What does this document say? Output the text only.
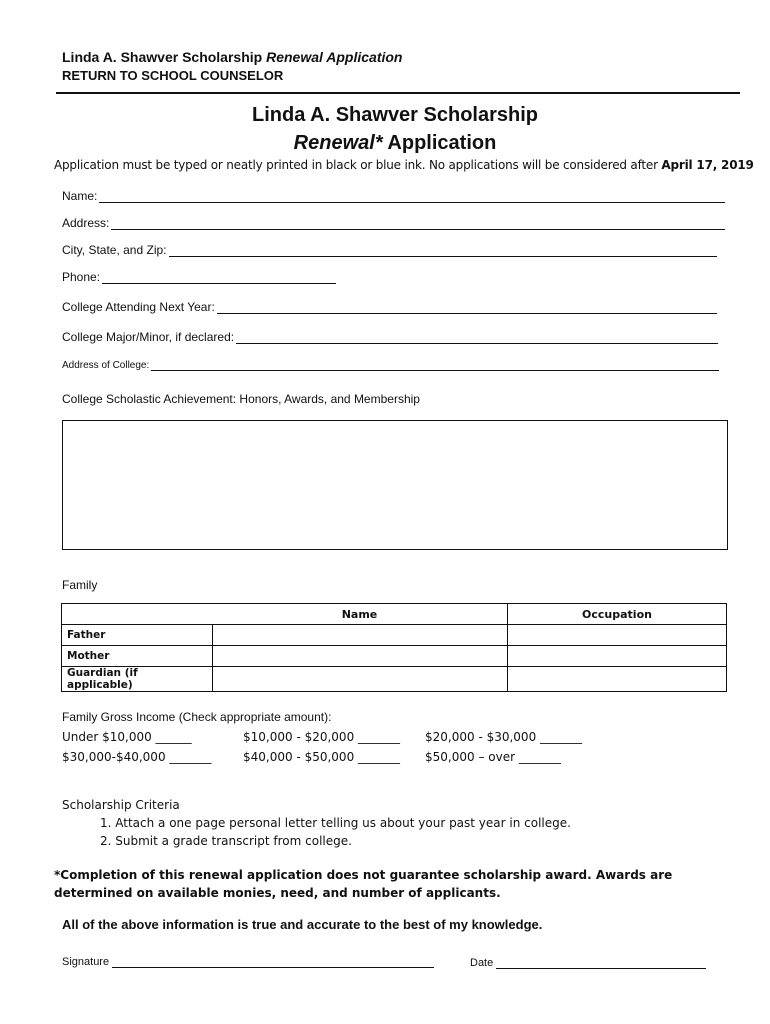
Linda A. Shawver Scholarship Renewal Application
RETURN TO SCHOOL COUNSELOR
Linda A. Shawver Scholarship
Renewal* Application
Application must be typed or neatly printed in black or blue ink. No applications will be considered after April 17, 2019
Name:
Address:
City, State, and Zip:
Phone:
College Attending Next Year:
College Major/Minor, if declared:
Address of College:
College Scholastic Achievement: Honors, Awards, and Membership
Family
	Name	Occupation
Father		
Mother		
Guardian (if applicable)		
Family Gross Income (Check appropriate amount):
Under $10,000 ______	$10,000 - $20,000 _______ $20,000 - $30,000 _______
$30,000-$40,000 _______	$40,000 - $50,000 _______ $50,000 – over _______
Scholarship Criteria
1. Attach a one page personal letter telling us about your past year in college.
2. Submit a grade transcript from college.
*Completion of this renewal application does not guarantee scholarship award. Awards are determined on available monies, need, and number of applicants.
All of the above information is true and accurate to the best of my knowledge.
Signature	Date
